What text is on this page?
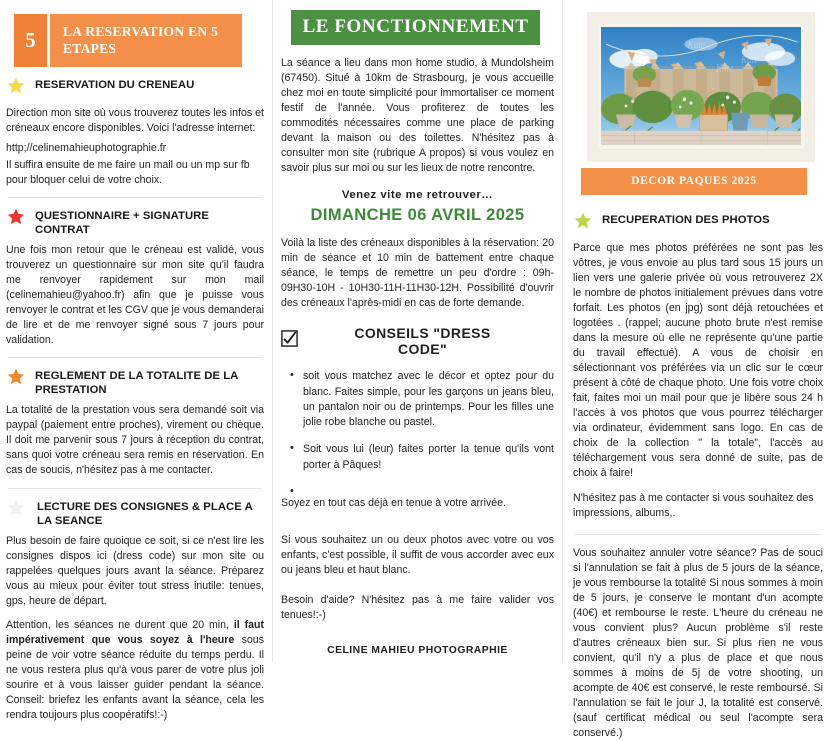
5	LA RESERVATION EN 5 ETAPES
RESERVATION DU CRENEAU

Direction mon site où vous trouverez toutes les infos et créneaux encore disponibles. Voici l'adresse internet:

http;//celinemahieuphotographie.fr

Il suffira ensuite de me faire un mail ou un mp sur fb pour bloquer celui de votre choix.

QUESTIONNAIRE + SIGNATURE CONTRAT

Une fois mon retour que le créneau est validé, vous trouverez un questionnaire sur mon site qu'il faudra me renvoyer rapidement sur mon mail (celinemahieu@yahoo.fr) afin que je puisse vous renvoyer le contrat et les CGV que je vous demanderai de lire et de me renvoyer signé sous 7 jours pour validation.

REGLEMENT DE LA TOTALITE DE LA PRESTATION

La totalité de la prestation vous sera demandé soit via paypal (paiement entre proches), virement ou chèque. Il doit me parvenir sous 7 jours à réception du contrat, sans quoi votre créneau sera remis en réservation. En cas de soucis, n'hésitez pas à me contacter.

LECTURE DES CONSIGNES & PLACE A LA SEANCE

Plus besoin de faire quoique ce soit, si ce n'est lire les consignes dispos ici (dress code) sur mon site ou rappelées quelques jours avant la séance. Préparez vous au mieux pour éviter tout stress inutile: tenues, gps, heure de départ.

Attention, les séances ne durent que 20 min, il faut impérativement que vous soyez à l'heure sous peine de voir votre séance réduite du temps perdu. Il ne vous restera plus qu'à vous parer de votre plus joli sourire et à vous laisser guider pendant la séance. Conseil: briefez les enfants avant la séance, cela les rendra toujours plus coopératifs!:-)

LE FONCTIONNEMENT

La séance a lieu dans mon home studio, à Mundolsheim (67450). Situé à 10km de Strasbourg, je vous accueille chez moi en toute simplicité pour immortaliser ce moment festif de l'année. Vous profiterez de toutes les commodités nécessaires comme une place de parking devant la maison ou des toilettes. N'hésitez pas à consulter mon site (rubrique A propos) si vous voulez en savoir plus sur moi ou sur les lieux de notre rencontre.

Venez vite me retrouver…
DIMANCHE 06 AVRIL 2025

Voilà la liste des créneaux disponibles à la réservation: 20 min de séance et 10 min de battement entre chaque séance, le temps de remettre un peu d'ordre : 09h- 09H30-10H - 10H30-11H-11H30-12H. Possibilité d'ouvrir des créneaux l'après-midi en cas de forte demande.

CONSEILS "DRESS CODE"
• soit vous matchez avec le décor et optez pour du blanc. Faites simple, pour les garçons un jeans bleu, un pantalon noir ou de printemps. Pour les filles une jolie robe blanche ou pastel.
• Soit vous lui (leur) faites porter la tenue qu'ils vont porter à Pâques!
•

Soyez en tout cas déjà en tenue à votre arrivée.

Si vous souhaitez un ou deux photos avec votre ou vos enfants, c'est possible, il suffit de vous accorder avec eux ou jeans bleu et haut blanc.

Besoin d'aide? N'hésitez pas à me faire valider vos tenues!:-)

CELINE MAHIEU PHOTOGRAPHIE
Kate
Kate
Kate
DECOR PAQUES 2025
RECUPERATION DES PHOTOS

Parce que mes photos préférées ne sont pas les vôtres, je vous envoie au plus tard sous 15 jours un lien vers une galerie privée où vous retrouverez 2X le nombre de photos initialement prévues dans votre forfait. Les photos (en jpg) sont déjà retouchées et logotées . (rappel; aucune photo brute n'est remise dans la mesure où elle ne représente qu'une partie du travail effectué). A vous de choisir en sélectionnant vos préférées via un clic sur le cœur présent à côté de chaque photo. Une fois votre choix fait, faites moi un mail pour que je libère sous 24 h l'accès à vos photos que vous pourrez télécharger via ordinateur, évidemment sans logo. En cas de choix de la collection " la totale", l'accès au téléchargement vous sera donné de suite, pas de choix à faire!

N'hésitez pas à me contacter si vous souhaitez des impressions, albums,.

Vous souhaitez annuler votre séance? Pas de souci si l'annulation se fait à plus de 5 jours de la séance, je vous rembourse la totalité Si nous sommes à moin de 5 jours, je conserve le montant d'un acompte (40€) et rembourse le reste. L'heure du créneau ne vous convient plus? Aucun problème s'il reste d'autres créneaux bien sur. Si plus rien ne vous convient, qu'il n'y a plus de place et que nous sommes à moins de 5j de votre shooting, un acompte de 40€ est conservé, le reste remboursé. Si l'annulation se fait le jour J, la totalité est conservé. (sauf certificat médical ou seul l'acompte sera conservé.)
